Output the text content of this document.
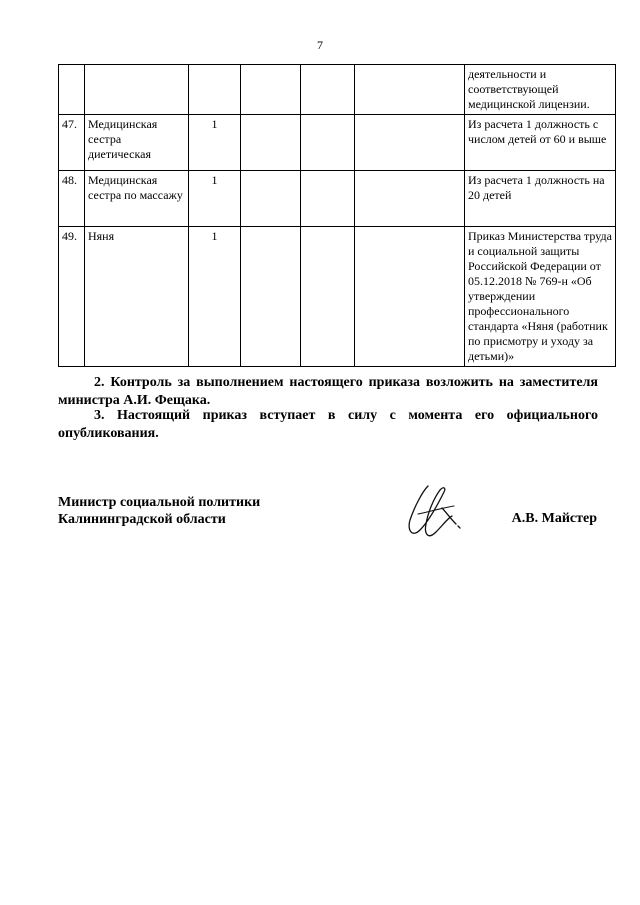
7
						деятельности и соответствующей медицинской лицензии.
47.	Медицинская сестра диетическая	1				Из расчета 1 должность с числом детей от 60 и выше
48.	Медицинская сестра по массажу	1				Из расчета 1 должность на 20 детей
49.	Няня	1				Приказ Министерства труда и социальной защиты Российской Федерации от 05.12.2018 № 769-н «Об утверждении профессионального стандарта «Няня (работник по присмотру и уходу за детьми)»
2. Контроль за выполнением настоящего приказа возложить на заместителя министра А.И. Фещака.
3. Настоящий приказ вступает в силу с момента его официального опубликования.
Министр социальной политики
Калининградской области	А.В. Майстер
